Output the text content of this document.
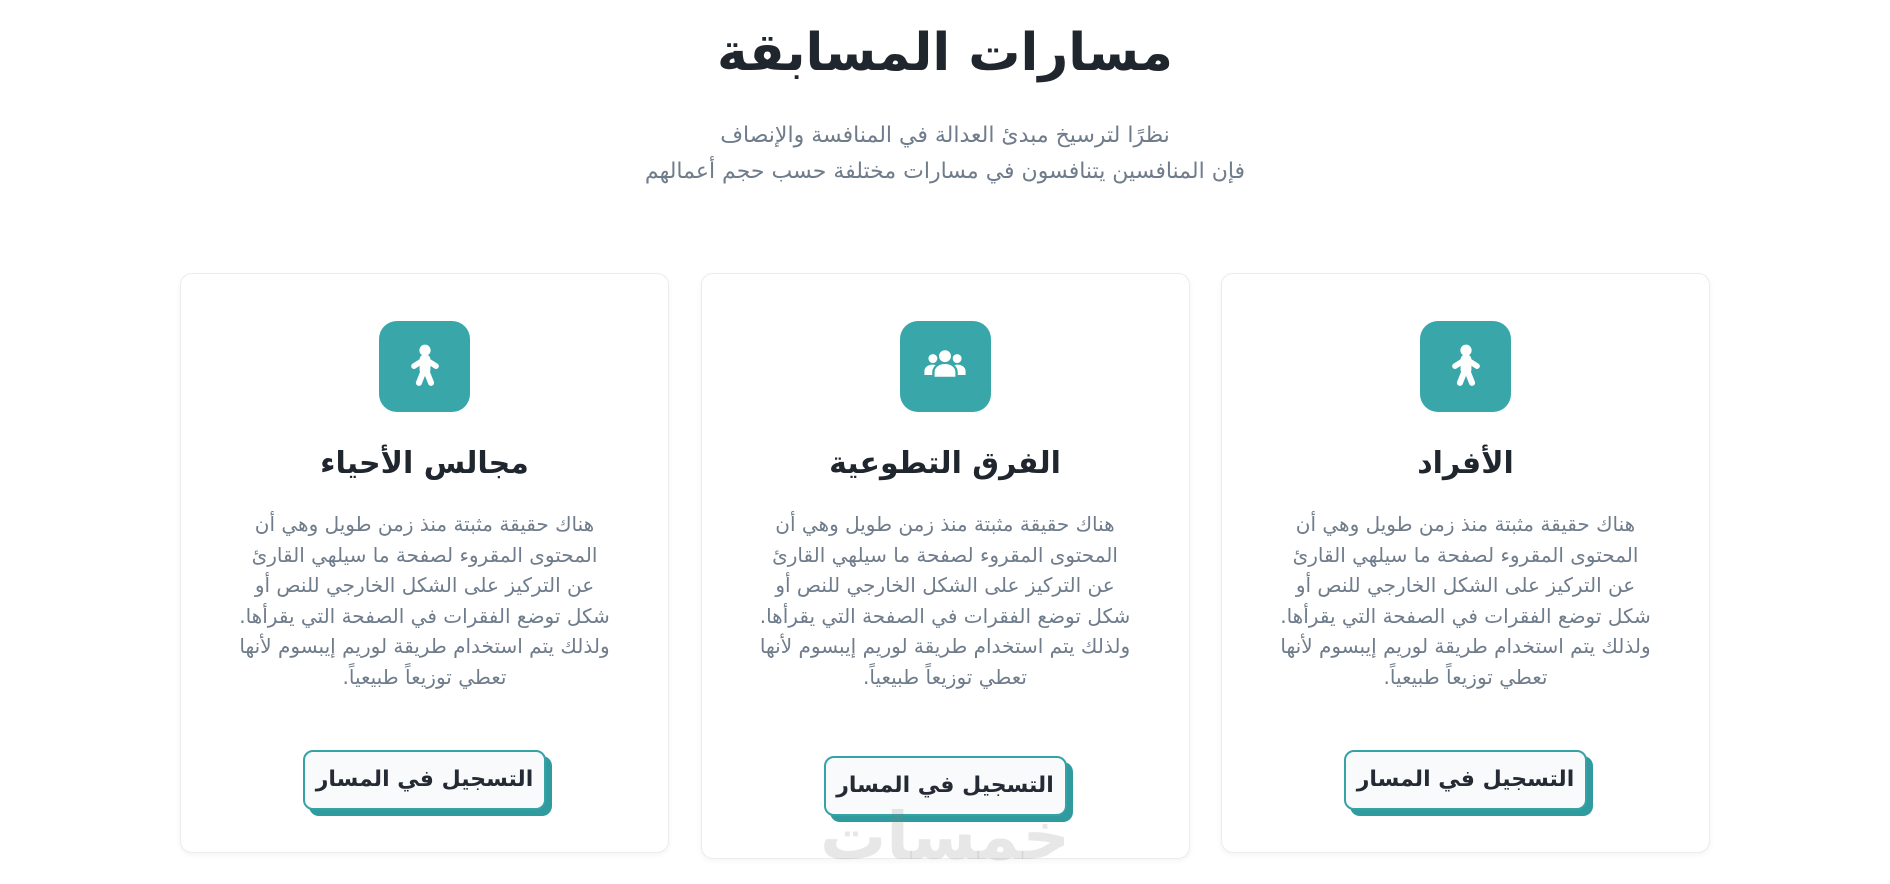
مسارات المسابقة

نظرًا لترسيخ مبدئ العدالة في المنافسة والإنصاف
فإن المنافسين يتنافسون في مسارات مختلفة حسب حجم أعمالهم

الأفراد

هناك حقيقة مثبتة منذ زمن طويل وهي أن المحتوى المقروء لصفحة ما سيلهي القارئ عن التركيز على الشكل الخارجي للنص أو شكل توضع الفقرات في الصفحة التي يقرأها. ولذلك يتم استخدام طريقة لوريم إيبسوم لأنها تعطي توزيعاً طبيعياً.

التسجيل في المسار
الفرق التطوعية

هناك حقيقة مثبتة منذ زمن طويل وهي أن المحتوى المقروء لصفحة ما سيلهي القارئ عن التركيز على الشكل الخارجي للنص أو شكل توضع الفقرات في الصفحة التي يقرأها. ولذلك يتم استخدام طريقة لوريم إيبسوم لأنها تعطي توزيعاً طبيعياً.

التسجيل في المسار
مجالس الأحياء

هناك حقيقة مثبتة منذ زمن طويل وهي أن المحتوى المقروء لصفحة ما سيلهي القارئ عن التركيز على الشكل الخارجي للنص أو شكل توضع الفقرات في الصفحة التي يقرأها. ولذلك يتم استخدام طريقة لوريم إيبسوم لأنها تعطي توزيعاً طبيعياً.

التسجيل في المسار
